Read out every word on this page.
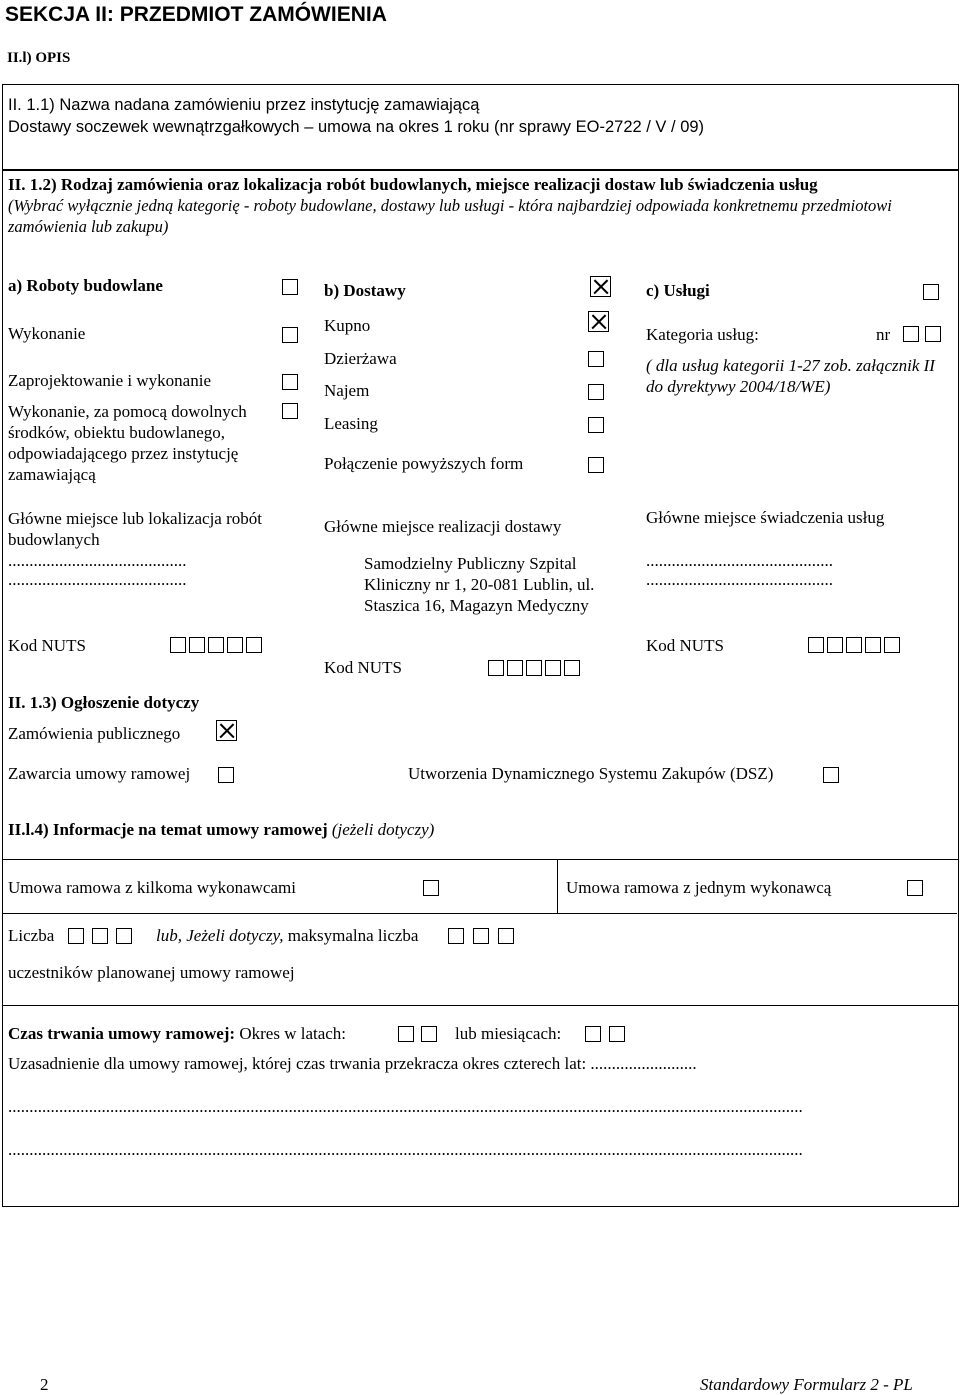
SEKCJA II: PRZEDMIOT ZAMÓWIENIA
II.l) OPIS
II. 1.1) Nazwa nadana zamówieniu przez instytucję zamawiającą
Dostawy soczewek wewnątrzgałkowych – umowa na okres 1 roku (nr sprawy EO-2722 / V / 09)
II. 1.2) Rodzaj zamówienia oraz lokalizacja robót budowlanych, miejsce realizacji dostaw lub świadczenia usług
(Wybrać wyłącznie jedną kategorię - roboty budowlane, dostawy lub usługi - która najbardziej odpowiada konkretnemu przedmiotowi zamówienia lub zakupu)
a) Roboty budowlane
Wykonanie
Zaprojektowanie i wykonanie
Wykonanie, za pomocą dowolnych środków, obiektu budowlanego, odpowiadającego przez instytucję zamawiającą
Główne miejsce lub lokalizacja robót budowlanych
..........................................
..........................................
Kod NUTS
b) Dostawy
Kupno
Dzierżawa
Najem
Leasing
Połączenie powyższych form
Główne miejsce realizacji dostawy
Samodzielny Publiczny Szpital Kliniczny nr 1, 20-081 Lublin, ul. Staszica 16, Magazyn Medyczny
Kod NUTS
c) Usługi
Kategoria usług:	nr
( dla usług kategorii 1-27 zob. załącznik II do dyrektywy 2004/18/WE)
Główne miejsce świadczenia usług
............................................
............................................
Kod NUTS
II. 1.3) Ogłoszenie dotyczy
Zamówienia publicznego
Zawarcia umowy ramowej	Utworzenia Dynamicznego Systemu Zakupów (DSZ)
II.l.4) Informacje na temat umowy ramowej (jeżeli dotyczy)
Umowa ramowa z kilkoma wykonawcami	Umowa ramowa z jednym wykonawcą
Liczba	lub, Jeżeli dotyczy, maksymalna liczba
uczestników planowanej umowy ramowej
Czas trwania umowy ramowej: Okres w latach:	lub miesiącach:
Uzasadnienie dla umowy ramowej, której czas trwania przekracza okres czterech lat: .........................
...........................................................................................................................................................................................
...........................................................................................................................................................................................
2	Standardowy Formularz 2 - PL
